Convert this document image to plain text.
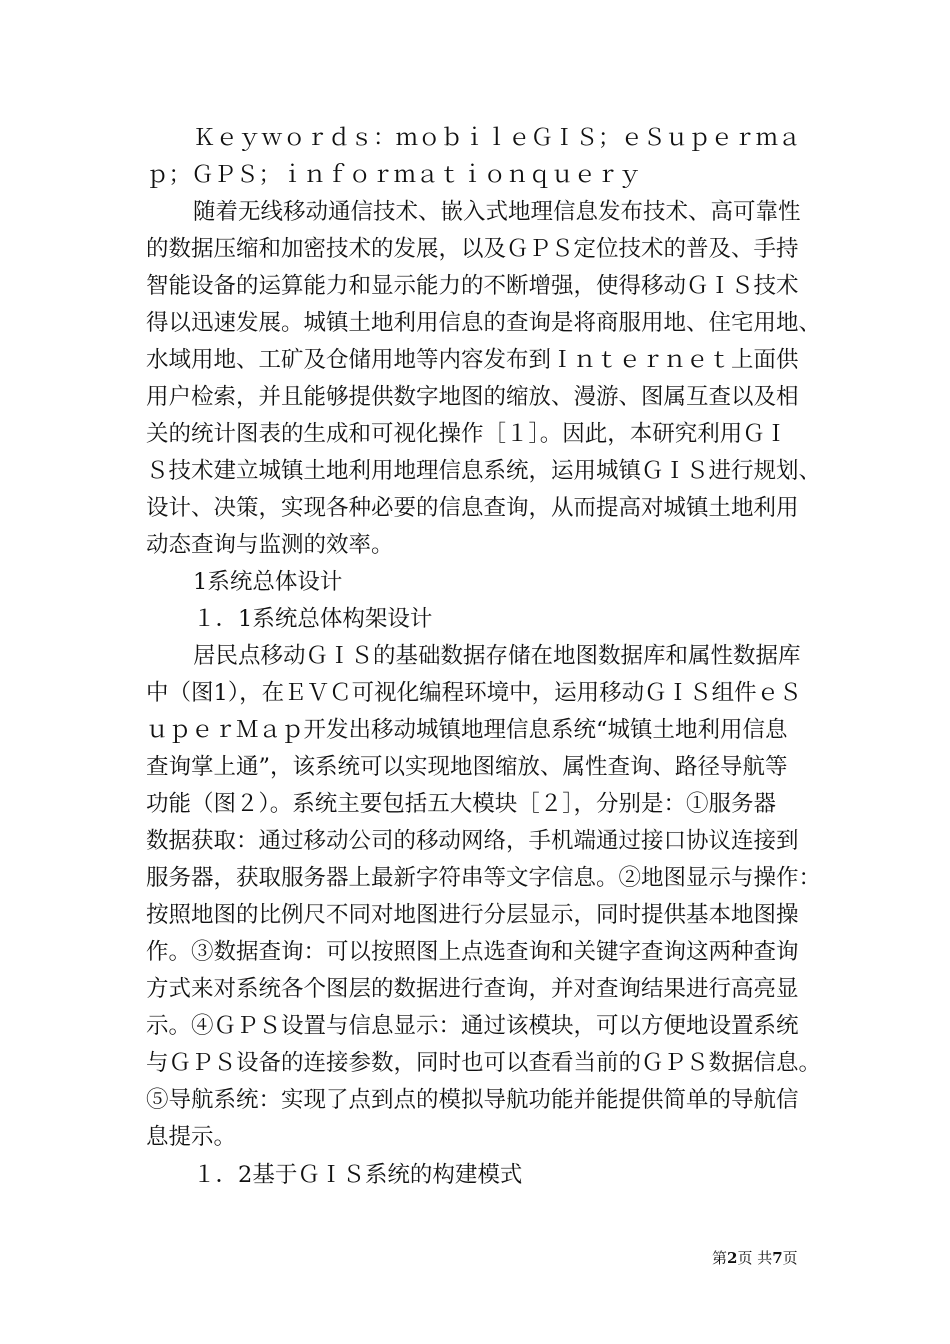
Ｋｅｙｗｏｒｄｓ：ｍｏｂｉｌｅＧＩＳ；ｅＳｕｐｅｒｍａ
ｐ；ＧＰＳ；ｉｎｆｏｒｍａｔｉｏｎｑｕｅｒｙ
随着无线移动通信技术、嵌入式地理信息发布技术、高可靠性
的数据压缩和加密技术的发展，以及ＧＰＳ定位技术的普及、手持
智能设备的运算能力和显示能力的不断增强，使得移动ＧＩＳ技术
得以迅速发展。城镇土地利用信息的查询是将商服用地、住宅用地、
水域用地、工矿及仓储用地等内容发布到Ｉｎｔｅｒｎｅｔ上面供
用户检索，并且能够提供数字地图的缩放、漫游、图属互查以及相
关的统计图表的生成和可视化操作［１］。因此，本研究利用ＧＩ
Ｓ技术建立城镇土地利用地理信息系统，运用城镇ＧＩＳ进行规划、
设计、决策，实现各种必要的信息查询，从而提高对城镇土地利用
动态查询与监测的效率。
1系统总体设计
１．1系统总体构架设计
居民点移动ＧＩＳ的基础数据存储在地图数据库和属性数据库
中（图1），在ＥＶＣ可视化编程环境中，运用移动ＧＩＳ组件ｅＳ
ｕｐｅｒＭａｐ开发出移动城镇地理信息系统“城镇土地利用信息
查询掌上通”，该系统可以实现地图缩放、属性查询、路径导航等
功能（图２）。系统主要包括五大模块［２］，分别是：①服务器
数据获取：通过移动公司的移动网络，手机端通过接口协议连接到
服务器，获取服务器上最新字符串等文字信息。②地图显示与操作：
按照地图的比例尺不同对地图进行分层显示，同时提供基本地图操
作。③数据查询：可以按照图上点选查询和关键字查询这两种查询
方式来对系统各个图层的数据进行查询，并对查询结果进行高亮显
示。④ＧＰＳ设置与信息显示：通过该模块，可以方便地设置系统
与ＧＰＳ设备的连接参数，同时也可以查看当前的ＧＰＳ数据信息。
⑤导航系统：实现了点到点的模拟导航功能并能提供简单的导航信
息提示。
１．2基于ＧＩＳ系统的构建模式
第2页 共7页
